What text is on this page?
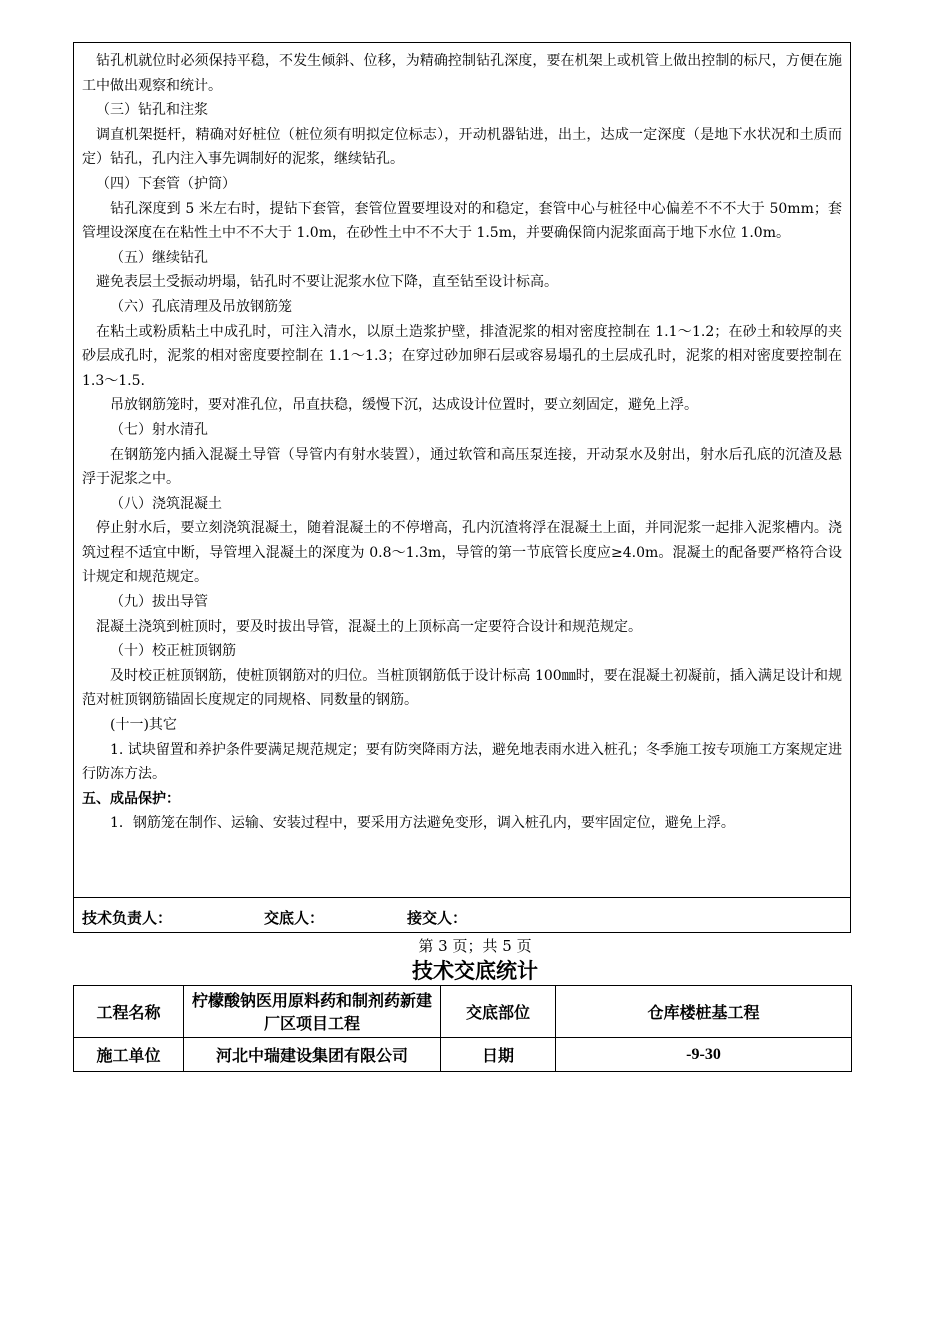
钻孔机就位时必须保持平稳，不发生倾斜、位移，为精确控制钻孔深度，要在机架上或机管上做出控制的标尺，方便在施工中做出观察和统计。

（三）钻孔和注浆

调直机架挺杆，精确对好桩位（桩位须有明拟定位标志），开动机器钻进，出土，达成一定深度（是地下水状况和土质而定）钻孔，孔内注入事先调制好的泥浆，继续钻孔。

（四）下套管（护筒）

钻孔深度到 5 米左右时，提钻下套管，套管位置要埋设对的和稳定，套管中心与桩径中心偏差不不不大于 50mm；套管埋设深度在在粘性土中不不大于 1.0m，在砂性土中不不大于 1.5m，并要确保筒内泥浆面高于地下水位 1.0m。

（五）继续钻孔

避免表层土受振动坍塌，钻孔时不要让泥浆水位下降，直至钻至设计标高。

（六）孔底清理及吊放钢筋笼

在粘土或粉质粘土中成孔时，可注入清水，以原土造浆护壁，排渣泥浆的相对密度控制在 1.1～1.2；在砂土和较厚的夹砂层成孔时，泥浆的相对密度要控制在 1.1～1.3；在穿过砂加卵石层或容易塌孔的土层成孔时，泥浆的相对密度要控制在 1.3～1.5.

吊放钢筋笼时，要对准孔位，吊直扶稳，缓慢下沉，达成设计位置时，要立刻固定，避免上浮。

（七）射水清孔

在钢筋笼内插入混凝土导管（导管内有射水装置），通过软管和高压泵连接，开动泵水及射出，射水后孔底的沉渣及悬浮于泥浆之中。

（八）浇筑混凝土

停止射水后，要立刻浇筑混凝土，随着混凝土的不停增高，孔内沉渣将浮在混凝土上面，并同泥浆一起排入泥浆槽内。浇筑过程不适宜中断，导管埋入混凝土的深度为 0.8～1.3m，导管的第一节底管长度应≥4.0m。混凝土的配备要严格符合设计规定和规范规定。

（九）拔出导管

混凝土浇筑到桩顶时，要及时拔出导管，混凝土的上顶标高一定要符合设计和规范规定。

（十）校正桩顶钢筋

及时校正桩顶钢筋，使桩顶钢筋对的归位。当桩顶钢筋低于设计标高 100㎜时，要在混凝土初凝前，插入满足设计和规范对桩顶钢筋锚固长度规定的同规格、同数量的钢筋。

(十一)其它

1. 试块留置和养护条件要满足规范规定；要有防突降雨方法，避免地表雨水进入桩孔；冬季施工按专项施工方案规定进行防冻方法。

五、成品保护：

1．钢筋笼在制作、运输、安装过程中，要采用方法避免变形，调入桩孔内，要牢固定位，避免上浮。

技术负责人：	交底人：	接交人：
第 3 页；共 5 页
技术交底统计
工程名称	柠檬酸钠医用原料药和制剂药新建厂区项目工程	交底部位	仓库楼桩基工程
施工单位	河北中瑞建设集团有限公司	日期	-9-30
